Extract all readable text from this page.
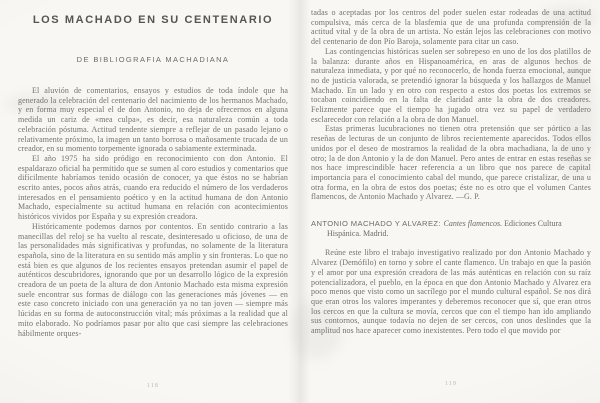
LOS MACHADO EN SU CENTENARIO
DE BIBLIOGRAFIA MACHADIANA

El aluvión de comentarios, ensayos y estudios de toda índole que ha generado la celebración del centenario del nacimiento de los hermanos Machado, y en forma muy especial el de don Antonio, no deja de ofrecernos en alguna medida un cariz de «mea culpa», es decir, esa naturaleza común a toda celebración póstuma. Actitud tendente siempre a reflejar de un pasado lejano o relativamente próximo, la imagen un tanto borrosa o mañosamente trucada de un creador, en su momento torpemente ignorada o sabiamente exterminada.

El año 1975 ha sido pródigo en reconocimiento con don Antonio. El espaldarazo oficial ha permitido que se sumen al coro estudios y comentarios que difícilmente habríamos tenido ocasión de conocer, ya que éstos no se habrían escrito antes, pocos años atrás, cuando era reducido el número de los verdaderos interesados en el pensamiento poético y en la actitud humana de don Antonio Machado, especialmente su actitud humana en relación con acontecimientos históricos vividos por España y su expresión creadora.

Históricamente podemos darnos por contentos. En sentido contrario a las manecillas del reloj se ha vuelto al rescate, desinteresado u oficioso, de una de las personalidades más significativas y profundas, no solamente de la literatura española, sino de la literatura en su sentido más amplio y sin fronteras. Lo que no está bien es que algunos de los recientes ensayos pretendan asumir el papel de auténticos descubridores, ignorando que por un desarrollo lógico de la expresión creadora de un poeta de la altura de don Antonio Machado esta misma expresión suele encontrar sus formas de diálogo con las generaciones más jóvenes — en este caso concreto iniciado con una generación ya no tan joven — siempre más lúcidas en su forma de autoconstrucción vital; más próximas a la realidad que al mito elaborado. No podríamos pasar por alto que casi siempre las celebraciones hábilmente orques-

118

tadas o aceptadas por los centros del poder suelen estar rodeadas de una actitud compulsiva, más cerca de la blasfemia que de una profunda comprensión de la actitud vital y de la obra de un artista. No están lejos las celebraciones con motivo del centenario de don Pío Baroja, solamente para citar un caso.

Las contingencias históricas suelen ser sobrepeso en uno de los dos platillos de la balanza: durante años en Hispanoamérica, en aras de algunos hechos de naturaleza inmediata, y por qué no reconocerlo, de honda fuerza emocional, aunque no de justicia valorada, se pretendió ignorar la búsqueda y los hallazgos de Manuel Machado. En un lado y en otro con respecto a estos dos poetas los extremos se tocaban coincidiendo en la falta de claridad ante la obra de dos creadores. Felizmente parece que el tiempo ha jugado otra vez su papel de verdadero esclarecedor con relación a la obra de don Manuel.

Estas primeras lucubraciones no tienen otra pretensión que ser pórtico a las reseñas de lecturas de un conjunto de libros recientemente aparecidos. Todos ellos unidos por el deseo de mostrarnos la realidad de la obra machadiana, la de uno y otro; la de don Antonio y la de don Manuel. Pero antes de entrar en estas reseñas se nos hace imprescindible hacer referencia a un libro que nos parece de capital importancia para el conocimiento cabal del mundo, que parece cristalizar, de una u otra forma, en la obra de estos dos poetas; éste no es otro que el volumen Cantes flamencos, de Antonio Machado y Alvarez. —G. P.

ANTONIO MACHADO Y ALVAREZ: Cantes flamencos. Ediciones Cultura Hispánica. Madrid.

Reúne este libro el trabajo investigativo realizado por don Antonio Machado y Alvarez (Demófilo) en torno y sobre el cante flamenco. Un trabajo en que la pasión y el amor por una expresión creadora de las más auténticas en relación con su raíz potencializadora, el pueblo, en la época en que don Antonio Machado y Alvarez era poco menos que visto como un sacrílego por el mundo cultural español. Se nos dirá que eran otros los valores imperantes y deberemos reconocer que sí, que eran otros los cercos en que la cultura se movía, cercos que con el tiempo han ido ampliando sus contornos, aunque todavía no dejen de ser cercos, con unos deslindes que la amplitud nos hace aparecer como inexistentes. Pero todo el que movido por

119
